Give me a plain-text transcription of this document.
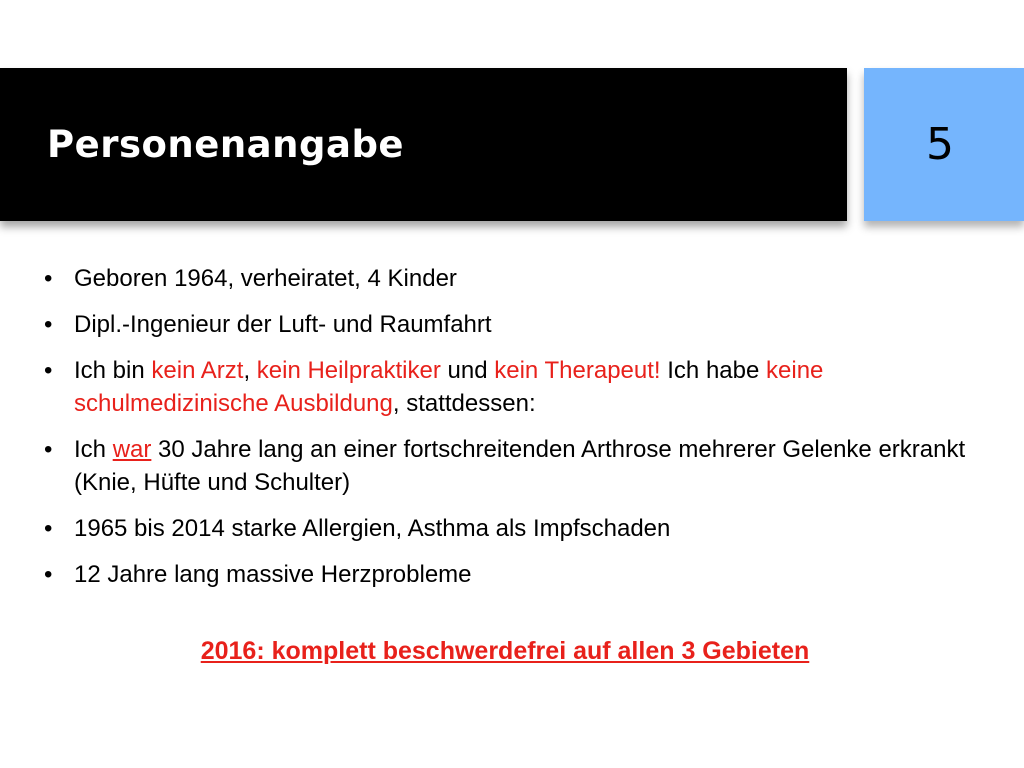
Personenangabe	5
• Geboren 1964, verheiratet, 4 Kinder
• Dipl.-Ingenieur der Luft- und Raumfahrt
• Ich bin kein Arzt, kein Heilpraktiker und kein Therapeut! Ich habe keine schulmedizinische Ausbildung, stattdessen:
• Ich war 30 Jahre lang an einer fortschreitenden Arthrose mehrerer Gelenke erkrankt (Knie, Hüfte und Schulter)
• 1965 bis 2014 starke Allergien, Asthma als Impfschaden
• 12 Jahre lang massive Herzprobleme
2016: komplett beschwerdefrei auf allen 3 Gebieten
